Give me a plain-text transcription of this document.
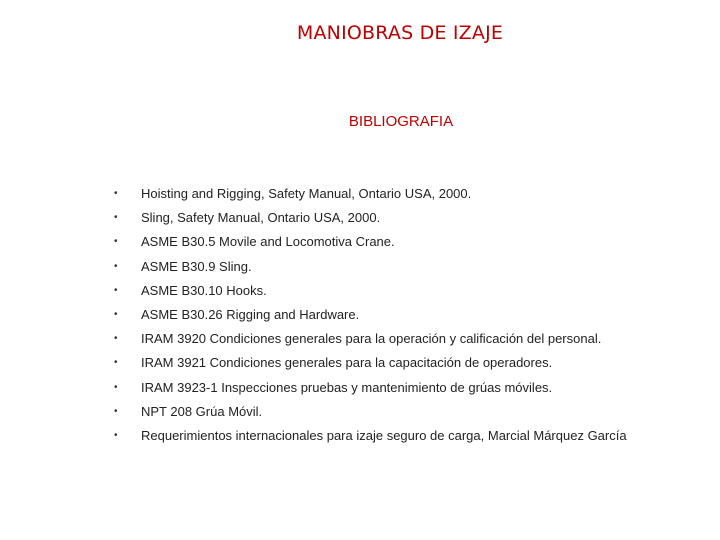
MANIOBRAS DE IZAJE
BIBLIOGRAFIA
• Hoisting and Rigging, Safety Manual, Ontario USA, 2000.
• Sling, Safety Manual, Ontario USA, 2000.
• ASME B30.5 Movile and Locomotiva Crane.
• ASME B30.9 Sling.
• ASME B30.10 Hooks.
• ASME B30.26 Rigging and Hardware.
• IRAM 3920 Condiciones generales para la operación y calificación del personal.
• IRAM 3921 Condiciones generales para la capacitación de operadores.
• IRAM 3923-1 Inspecciones pruebas y mantenimiento de grúas móviles.
• NPT 208 Grúa Móvil.
• Requerimientos internacionales para izaje seguro de carga, Marcial Márquez García
